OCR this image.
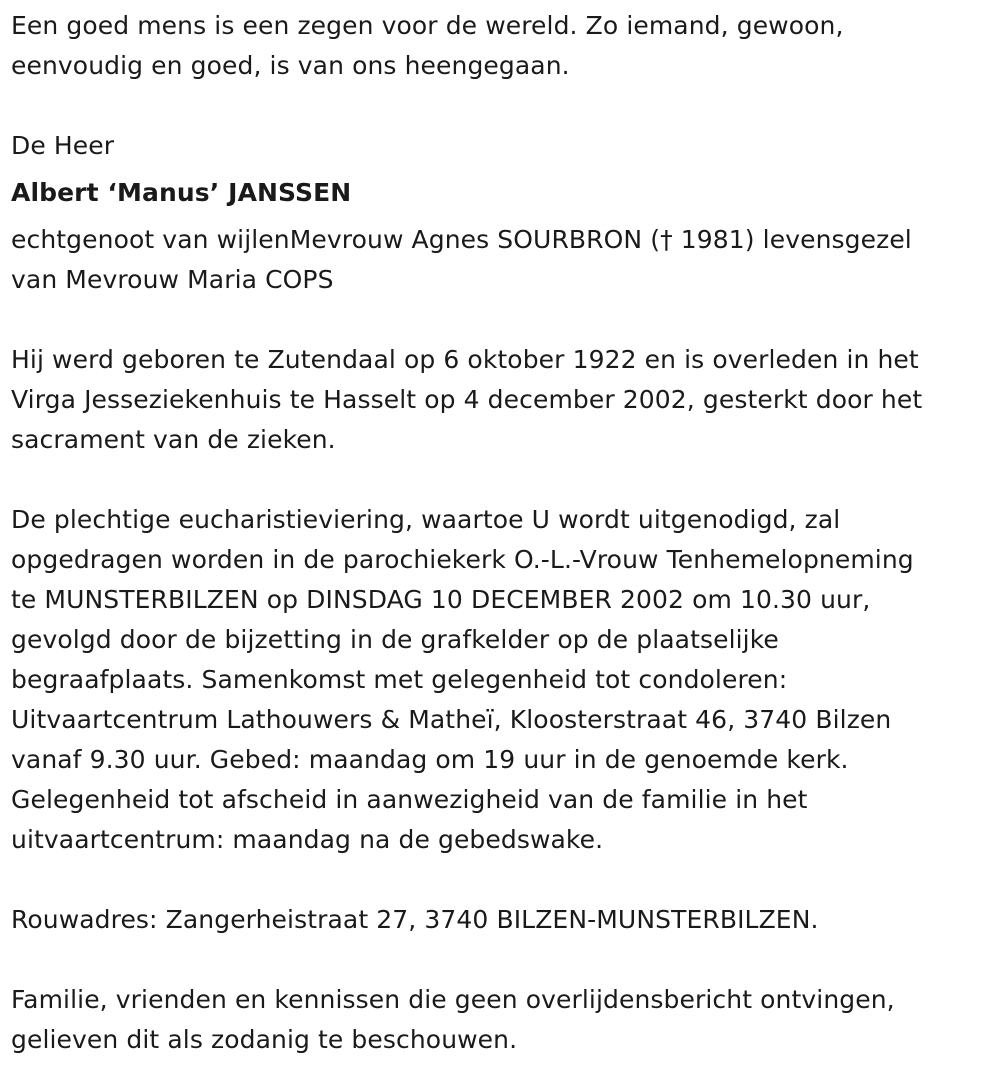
Een goed mens is een zegen voor de wereld. Zo iemand, gewoon,
eenvoudig en goed, is van ons heengegaan.

De Heer

Albert ‘Manus’ JANSSEN

echtgenoot van wijlenMevrouw Agnes SOURBRON († 1981) levensgezel
van Mevrouw Maria COPS

Hij werd geboren te Zutendaal op 6 oktober 1922 en is overleden in het
Virga Jesseziekenhuis te Hasselt op 4 december 2002, gesterkt door het
sacrament van de zieken.

De plechtige eucharistieviering, waartoe U wordt uitgenodigd, zal
opgedragen worden in de parochiekerk O.-L.-Vrouw Tenhemelopneming
te MUNSTERBILZEN op DINSDAG 10 DECEMBER 2002 om 10.30 uur,
gevolgd door de bijzetting in de grafkelder op de plaatselijke
begraafplaats. Samenkomst met gelegenheid tot condoleren:
Uitvaartcentrum Lathouwers & Matheï, Kloosterstraat 46, 3740 Bilzen
vanaf 9.30 uur. Gebed: maandag om 19 uur in de genoemde kerk.
Gelegenheid tot afscheid in aanwezigheid van de familie in het
uitvaartcentrum: maandag na de gebedswake.

Rouwadres: Zangerheistraat 27, 3740 BILZEN-MUNSTERBILZEN.

Familie, vrienden en kennissen die geen overlijdensbericht ontvingen,
gelieven dit als zodanig te beschouwen.
